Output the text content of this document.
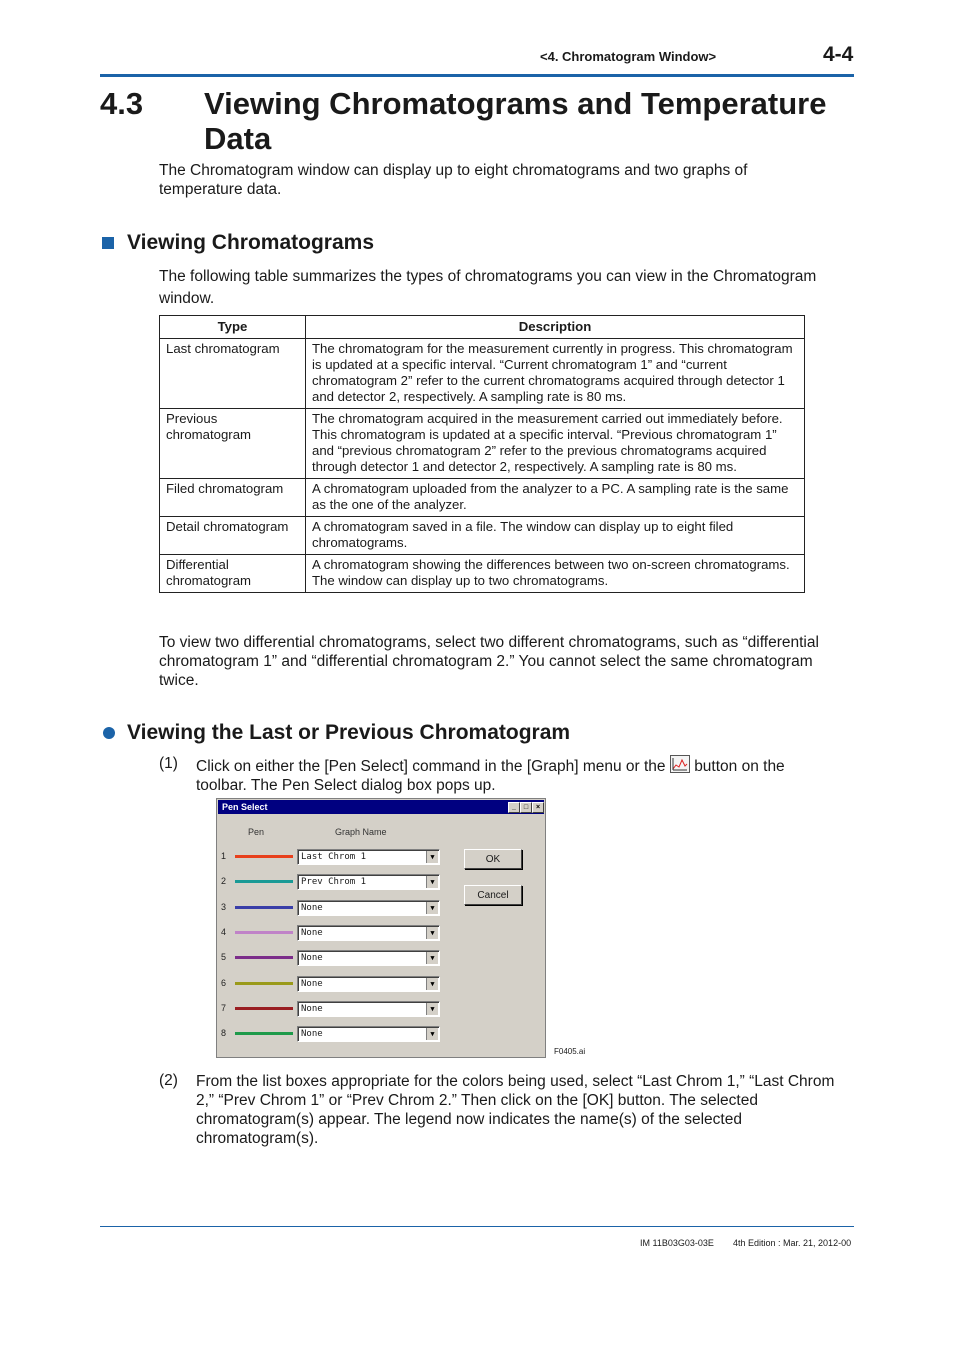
<4. Chromatogram Window>	4-4
4.3 Viewing Chromatograms and Temperature Data
The Chromatogram window can display up to eight chromatograms and two graphs of temperature data.
Viewing Chromatograms
The following table summarizes the types of chromatograms you can view in the Chromatogram window.
Type	Description
Last chromatogram	The chromatogram for the measurement currently in progress. This chromatogram is updated at a specific interval. “Current chromatogram 1” and “current chromatogram 2” refer to the current chromatograms acquired through detector 1 and detector 2, respectively. A sampling rate is 80 ms.
Previous chromatogram	The chromatogram acquired in the measurement carried out immediately before. This chromatogram is updated at a specific interval. “Previous chromatogram 1” and “previous chromatogram 2” refer to the previous chromatograms acquired through detector 1 and detector 2, respectively. A sampling rate is 80 ms.
Filed chromatogram	A chromatogram uploaded from the analyzer to a PC. A sampling rate is the same as the one of the analyzer.
Detail chromatogram	A chromatogram saved in a file. The window can display up to eight filed chromatograms.
Differential chromatogram	A chromatogram showing the differences between two on-screen chromatograms. The window can display up to two chromatograms.
To view two differential chromatograms, select two different chromatograms, such as “differential chromatogram 1” and “differential chromatogram 2.” You cannot select the same chromatogram twice.
Viewing the Last or Previous Chromatogram
(1) Click on either the [Pen Select] command in the [Graph] menu or the button on the
toolbar. The Pen Select dialog box pops up.
Pen Select	_	□	×
Pen	Graph Name
1	Last Chrom 1	▼
2	Prev Chrom 1	▼
3	None	▼
4	None	▼
5	None	▼
6	None	▼
7	None	▼
8	None	▼
OK
Cancel
F0405.ai
(2) From the list boxes appropriate for the colors being used, select “Last Chrom 1,” “Last Chrom 2,” “Prev Chrom 1” or “Prev Chrom 2.” Then click on the [OK] button. The selected chromatogram(s) appear. The legend now indicates the name(s) of the selected chromatogram(s).
IM 11B03G03-03E 4th Edition : Mar. 21, 2012-00
